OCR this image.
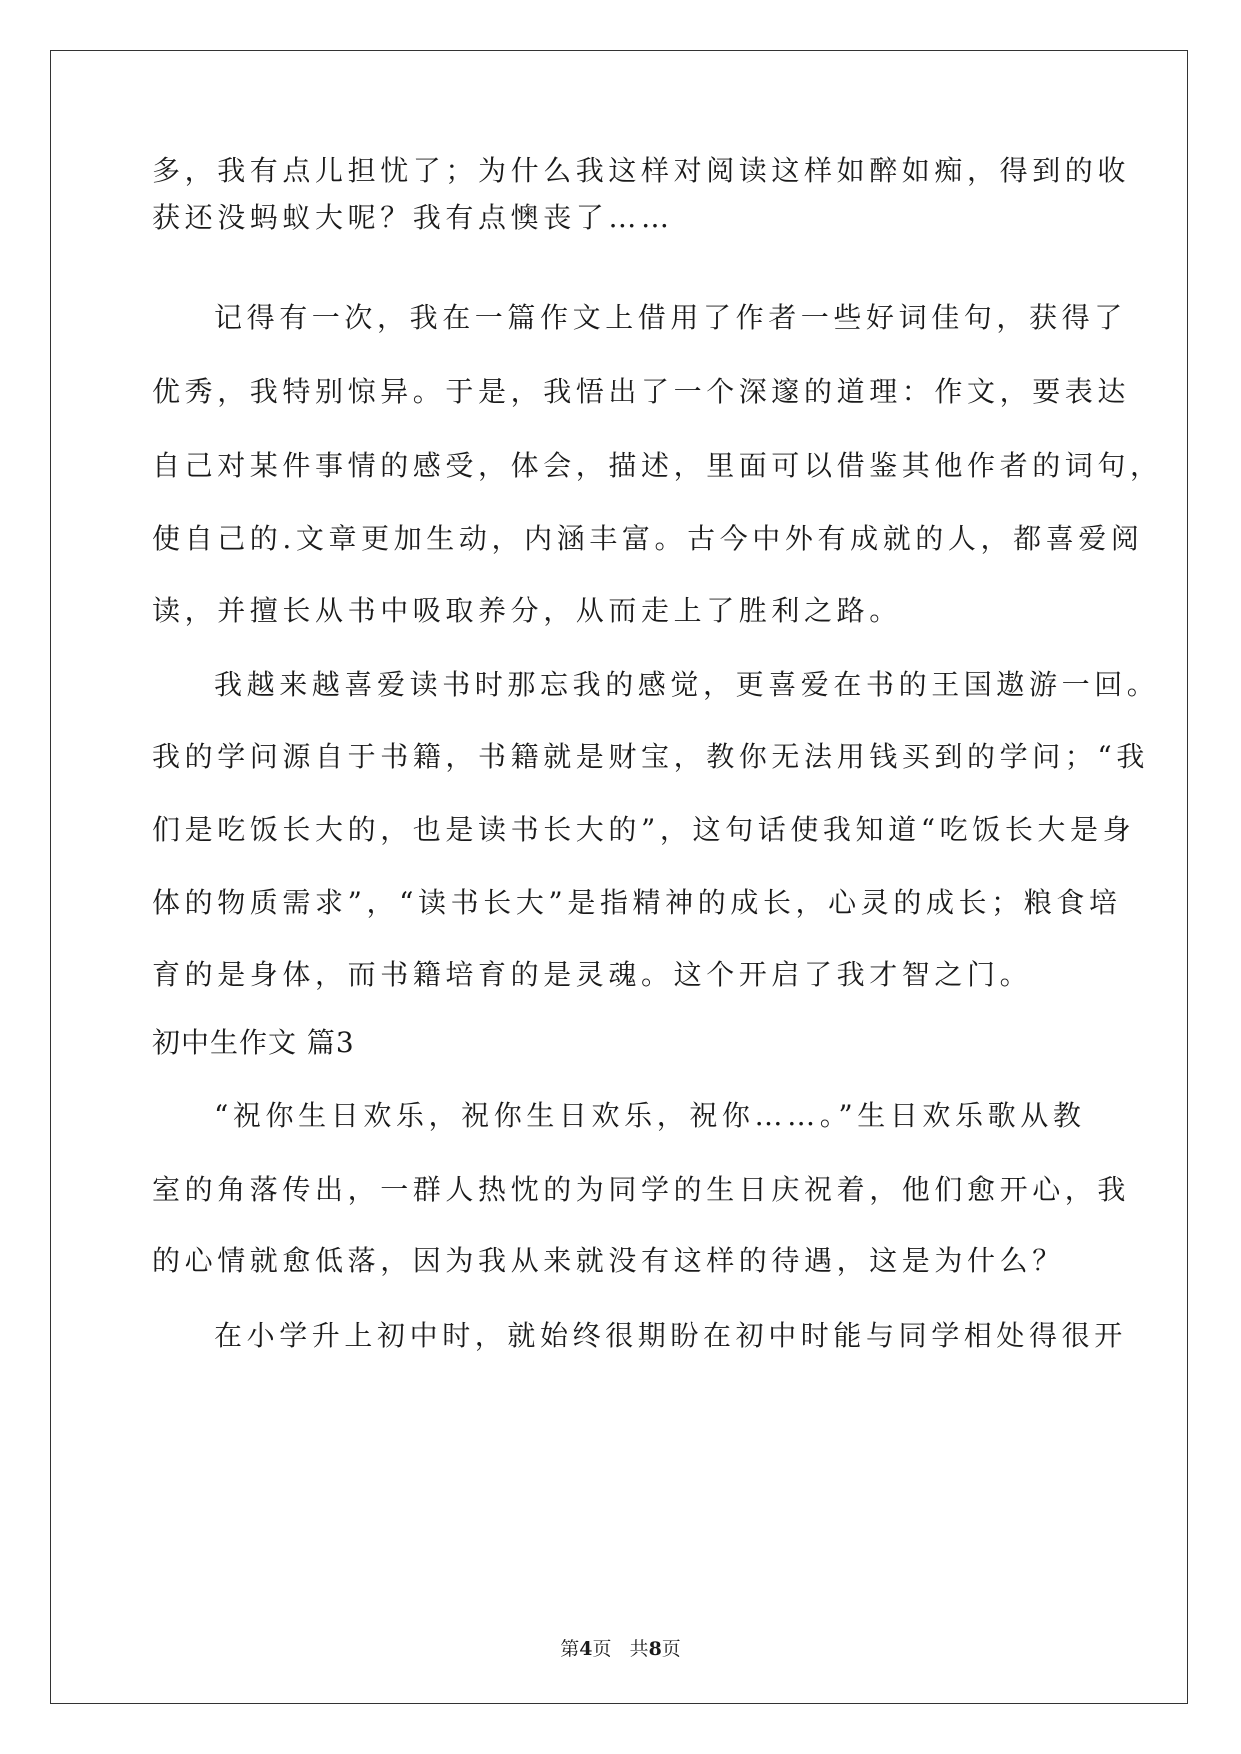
多，我有点儿担忧了；为什么我这样对阅读这样如醉如痴，得到的收
获还没蚂蚁大呢？我有点懊丧了……
记得有一次，我在一篇作文上借用了作者一些好词佳句，获得了
优秀，我特别惊异。于是，我悟出了一个深邃的道理：作文，要表达
自己对某件事情的感受，体会，描述，里面可以借鉴其他作者的词句，
使自己的.文章更加生动，内涵丰富。古今中外有成就的人，都喜爱阅
读，并擅长从书中吸取养分，从而走上了胜利之路。
我越来越喜爱读书时那忘我的感觉，更喜爱在书的王国遨游一回。
我的学问源自于书籍，书籍就是财宝，教你无法用钱买到的学问；“我
们是吃饭长大的，也是读书长大的”，这句话使我知道“吃饭长大是身
体的物质需求”，“读书长大”是指精神的成长，心灵的成长；粮食培
育的是身体，而书籍培育的是灵魂。这个开启了我才智之门。
初中生作文 篇3
“祝你生日欢乐，祝你生日欢乐，祝你……。”生日欢乐歌从教
室的角落传出，一群人热忱的为同学的生日庆祝着，他们愈开心，我
的心情就愈低落，因为我从来就没有这样的待遇，这是为什么？
在小学升上初中时，就始终很期盼在初中时能与同学相处得很开
第4页   共8页
